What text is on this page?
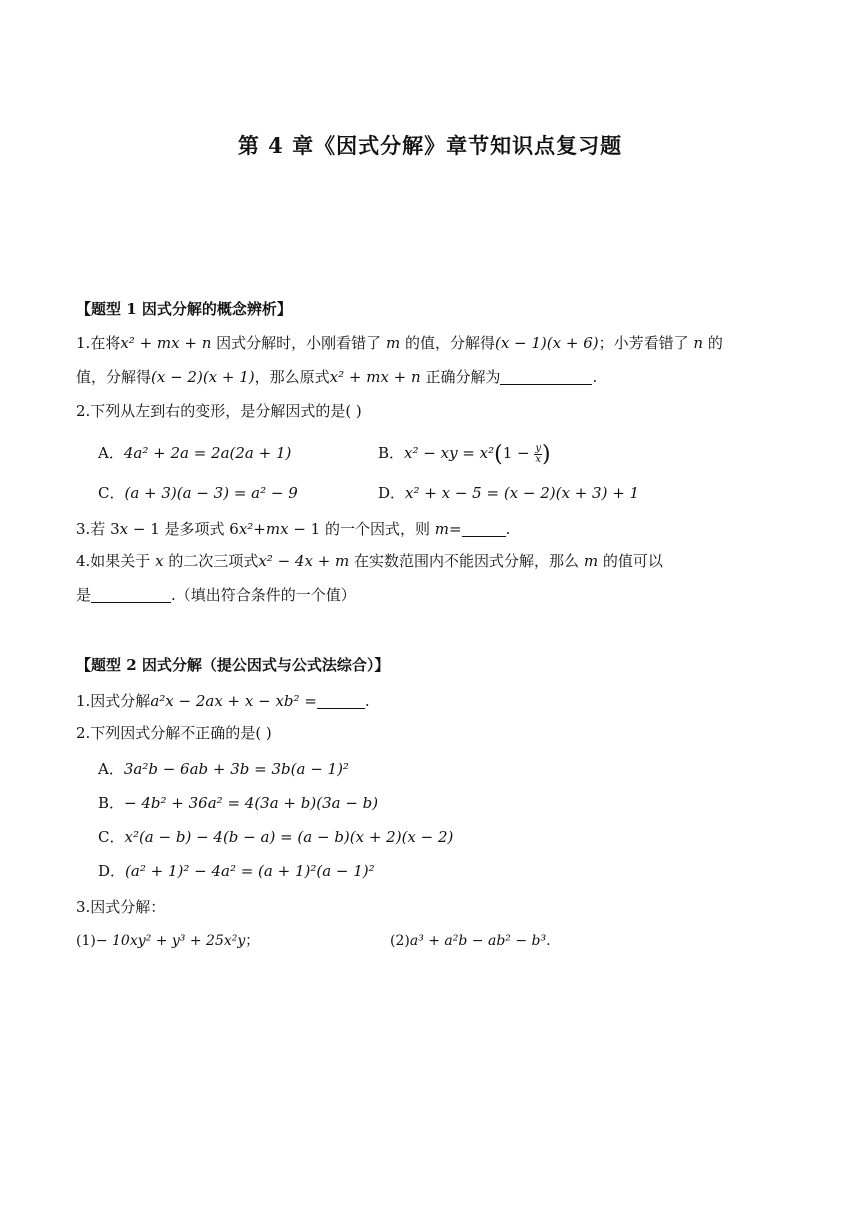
第 4 章《因式分解》章节知识点复习题
【题型 1 因式分解的概念辨析】
1.在将x² + mx + n 因式分解时，小刚看错了 m 的值，分解得(x − 1)(x + 6)；小芳看错了 n 的
值，分解得(x − 2)(x + 1)，那么原式x² + mx + n 正确分解为	.
2.下列从左到右的变形，是分解因式的是( )
A．4a² + 2a = 2a(2a + 1)	B．x² − xy = $x^2(1 - \frac{y}{x}$ )
C．(a + 3)(a − 3) = a² − 9	D．x² + x − 5 = (x − 2)(x + 3) + 1
3.若 3x − 1 是多项式 6x²+mx − 1 的一个因式，则 m=	.
4.如果关于 x 的二次三项式x² − 4x + m 在实数范围内不能因式分解，那么 m 的值可以
是	.（填出符合条件的一个值）
【题型 2 因式分解（提公因式与公式法综合）】
1.因式分解a²x − 2ax + x − xb² =	.
2.下列因式分解不正确的是( )
A．3a²b − 6ab + 3b = 3b(a − 1)²
B．− 4b² + 36a² = 4(3a + b)(3a − b)
C．x²(a − b) − 4(b − a) = (a − b)(x + 2)(x − 2)
D．(a² + 1)² − 4a² = (a + 1)²(a − 1)²
3.因式分解：
(1)− 10xy² + y³ + 25x²y；	(2)a³ + a²b − ab² − b³.
